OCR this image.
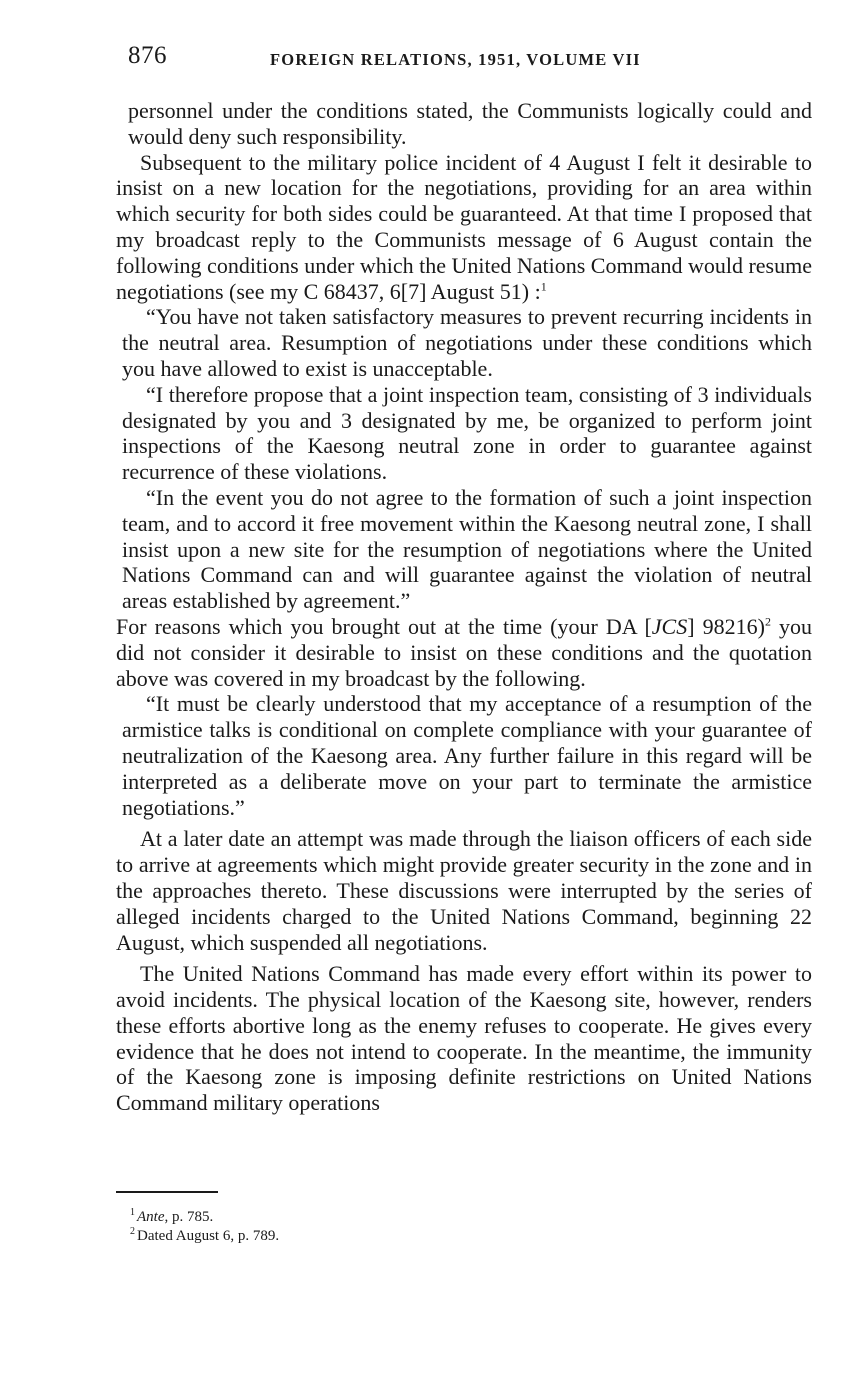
876	FOREIGN RELATIONS, 1951, VOLUME VII

personnel under the conditions stated, the Communists logically could and would deny such responsibility.

Subsequent to the military police incident of 4 August I felt it desirable to insist on a new location for the negotiations, providing for an area within which security for both sides could be guaranteed. At that time I proposed that my broadcast reply to the Communists message of 6 August contain the following conditions under which the United Nations Command would resume negotiations (see my C 68437, 6[7] August 51) :$^1$

“You have not taken satisfactory measures to prevent recurring incidents in the neutral area. Resumption of negotiations under these conditions which you have allowed to exist is unacceptable.

“I therefore propose that a joint inspection team, consisting of 3 individuals designated by you and 3 designated by me, be organized to perform joint inspections of the Kaesong neutral zone in order to guarantee against recurrence of these violations.

“In the event you do not agree to the formation of such a joint inspection team, and to accord it free movement within the Kaesong neutral zone, I shall insist upon a new site for the resumption of negotiations where the United Nations Command can and will guarantee against the violation of neutral areas established by agreement.”

For reasons which you brought out at the time (your DA [JCS] 98216)$^2$ you did not consider it desirable to insist on these conditions and the quotation above was covered in my broadcast by the following.

“It must be clearly understood that my acceptance of a resumption of the armistice talks is conditional on complete compliance with your guarantee of neutralization of the Kaesong area. Any further failure in this regard will be interpreted as a deliberate move on your part to terminate the armistice negotiations.”

At a later date an attempt was made through the liaison officers of each side to arrive at agreements which might provide greater security in the zone and in the approaches thereto. These discussions were interrupted by the series of alleged incidents charged to the United Nations Command, beginning 22 August, which suspended all negotiations.

The United Nations Command has made every effort within its power to avoid incidents. The physical location of the Kaesong site, however, renders these efforts abortive long as the enemy refuses to cooperate. He gives every evidence that he does not intend to cooperate. In the meantime, the immunity of the Kaesong zone is imposing definite restrictions on United Nations Command military operations

$^1$ Ante, p. 785.
$^2$ Dated August 6, p. 789.
